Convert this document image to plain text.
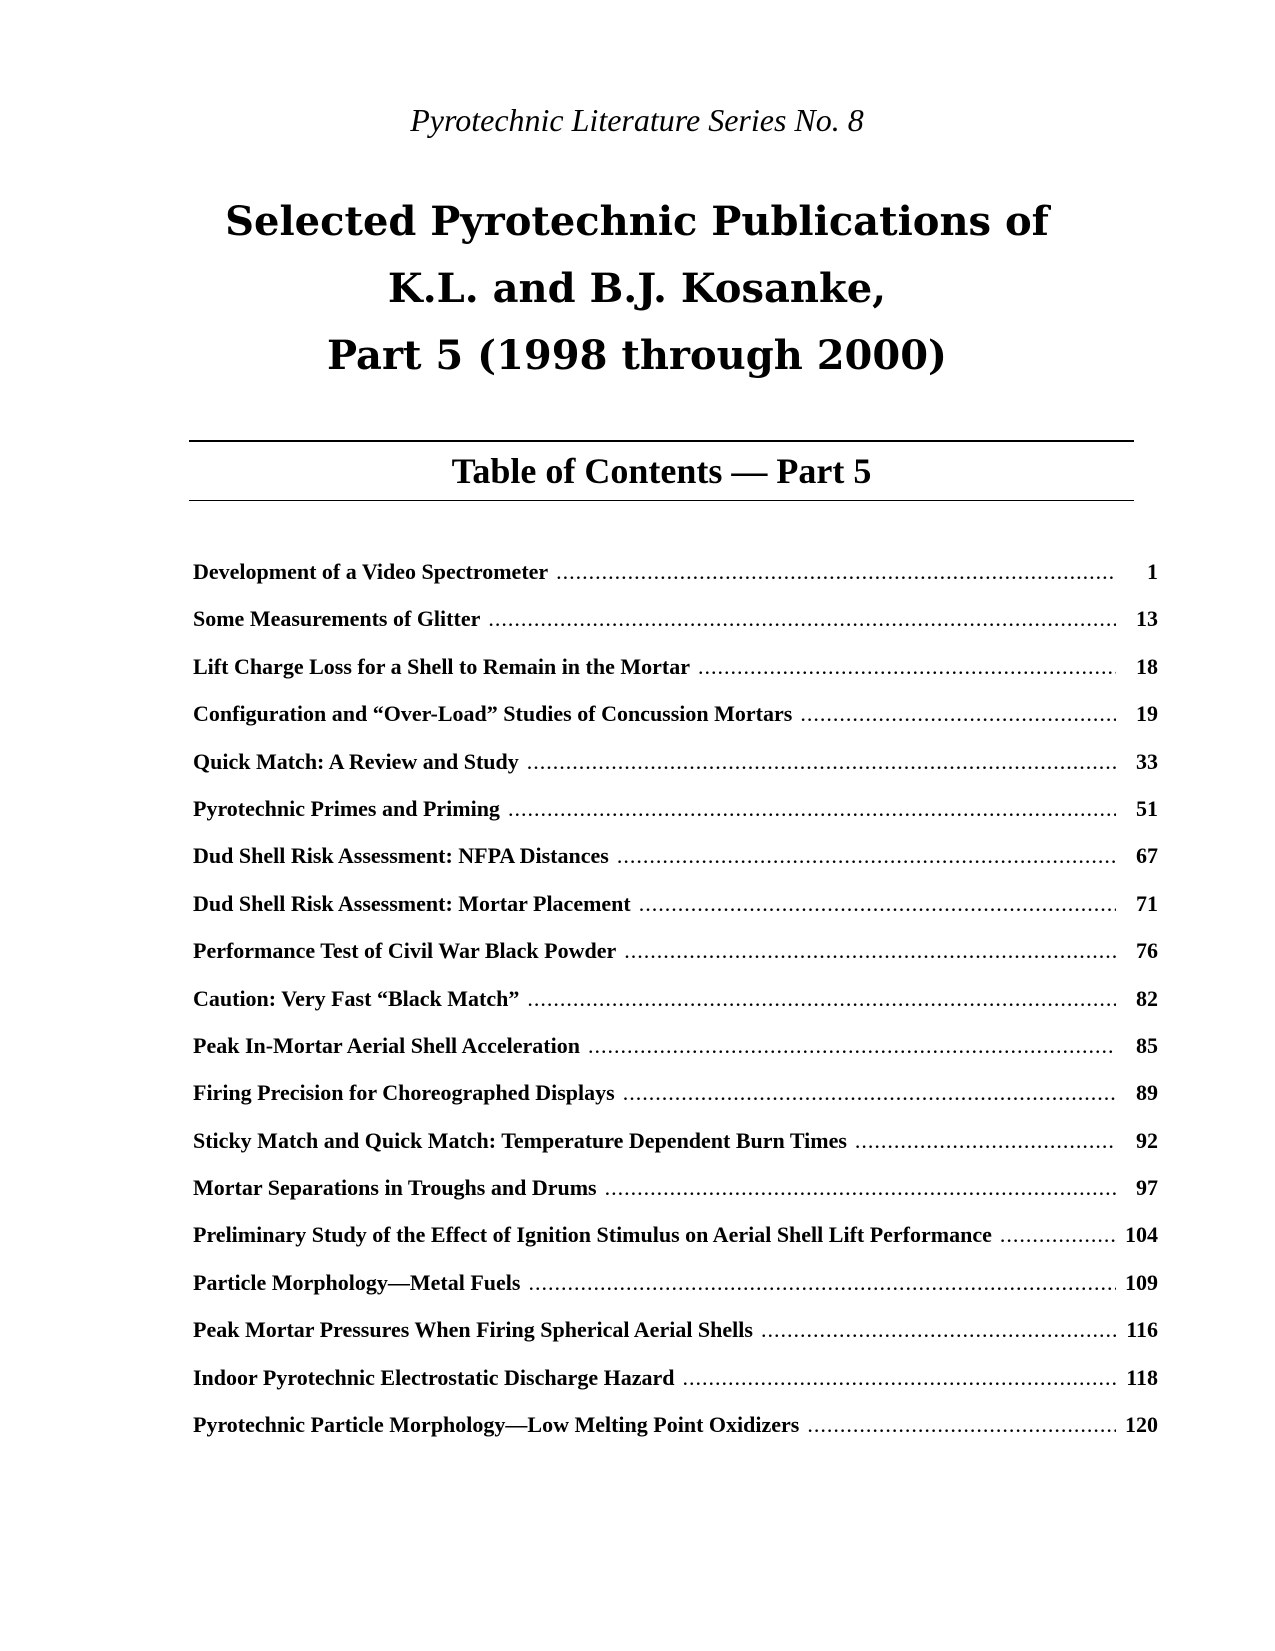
Pyrotechnic Literature Series No. 8
Selected Pyrotechnic Publications of
K.L. and B.J. Kosanke,
Part 5 (1998 through 2000)
Table of Contents — Part 5
Development of a Video Spectrometer .....	1
Some Measurements of Glitter .....	13
Lift Charge Loss for a Shell to Remain in the Mortar .....	18
Configuration and “Over-Load” Studies of Concussion Mortars .....	19
Quick Match: A Review and Study .....	33
Pyrotechnic Primes and Priming .....	51
Dud Shell Risk Assessment: NFPA Distances .....	67
Dud Shell Risk Assessment: Mortar Placement .....	71
Performance Test of Civil War Black Powder .....	76
Caution: Very Fast “Black Match” .....	82
Peak In-Mortar Aerial Shell Acceleration .....	85
Firing Precision for Choreographed Displays .....	89
Sticky Match and Quick Match: Temperature Dependent Burn Times .....	92
Mortar Separations in Troughs and Drums .....	97
Preliminary Study of the Effect of Ignition Stimulus on Aerial Shell Lift Performance .....	104
Particle Morphology—Metal Fuels .....	109
Peak Mortar Pressures When Firing Spherical Aerial Shells .....	116
Indoor Pyrotechnic Electrostatic Discharge Hazard .....	118
Pyrotechnic Particle Morphology—Low Melting Point Oxidizers .....	120
